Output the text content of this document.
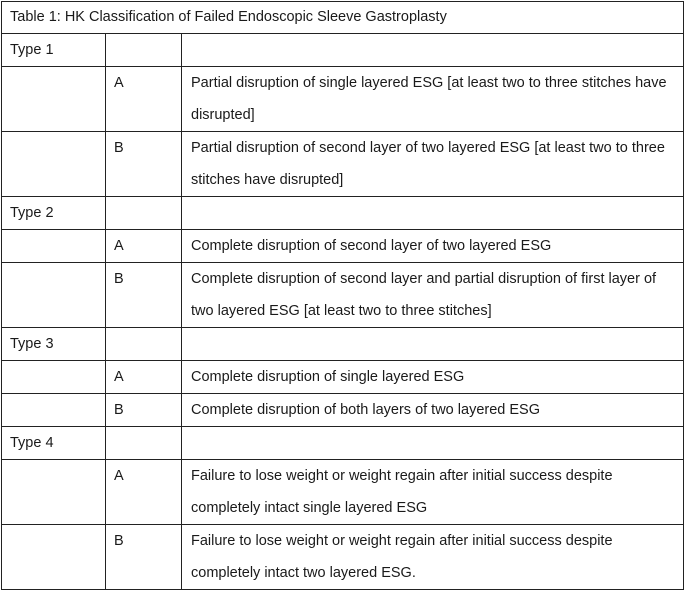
Table 1: HK Classification of Failed Endoscopic Sleeve Gastroplasty		
Type 1		
	A	Partial disruption of single layered ESG [at least two to three stitches have disrupted]
	B	Partial disruption of second layer of two layered ESG [at least two to three stitches have disrupted]
Type 2		
	A	Complete disruption of second layer of two layered ESG
	B	Complete disruption of second layer and partial disruption of first layer of two layered ESG [at least two to three stitches]
Type 3		
	A	Complete disruption of single layered ESG
	B	Complete disruption of both layers of two layered ESG
Type 4		
	A	Failure to lose weight or weight regain after initial success despite completely intact single layered ESG
	B	Failure to lose weight or weight regain after initial success despite completely intact two layered ESG.
